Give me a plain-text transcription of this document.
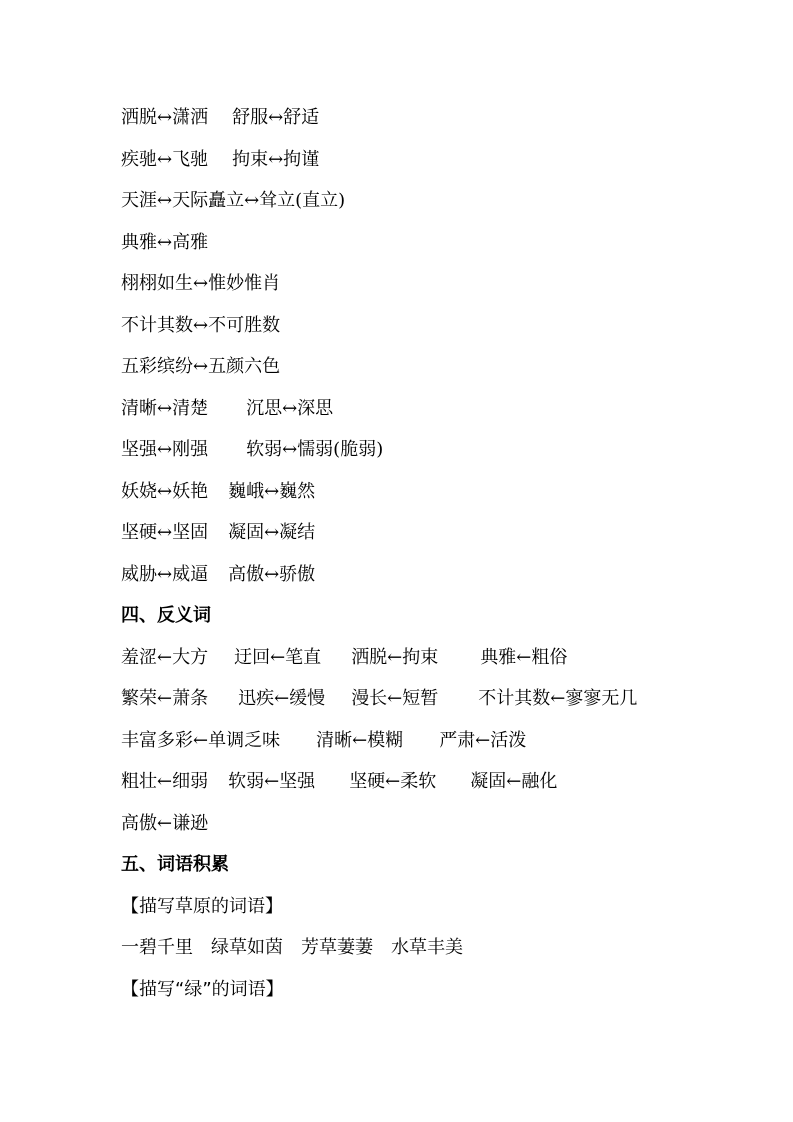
洒脱↔潇洒 舒服↔舒适
疾驰↔飞驰 拘束↔拘谨
天涯↔天际矗立↔耸立(直立)
典雅↔高雅
栩栩如生↔惟妙惟肖
不计其数↔不可胜数
五彩缤纷↔五颜六色
清晰↔清楚 沉思↔深思
坚强↔刚强 软弱↔懦弱(脆弱)
妖娆↔妖艳 巍峨↔巍然
坚硬↔坚固 凝固↔凝结
威胁↔威逼 高傲↔骄傲
四、反义词
羞涩←大方 迂回←笔直 洒脱←拘束 典雅←粗俗
繁荣←萧条 迅疾←缓慢 漫长←短暂 不计其数←寥寥无几
丰富多彩←单调乏味 清晰←模糊 严肃←活泼
粗壮←细弱 软弱←坚强 坚硬←柔软 凝固←融化
高傲←谦逊
五、词语积累
【描写草原的词语】
一碧千里 绿草如茵 芳草萋萋 水草丰美
【描写“绿”的词语】
